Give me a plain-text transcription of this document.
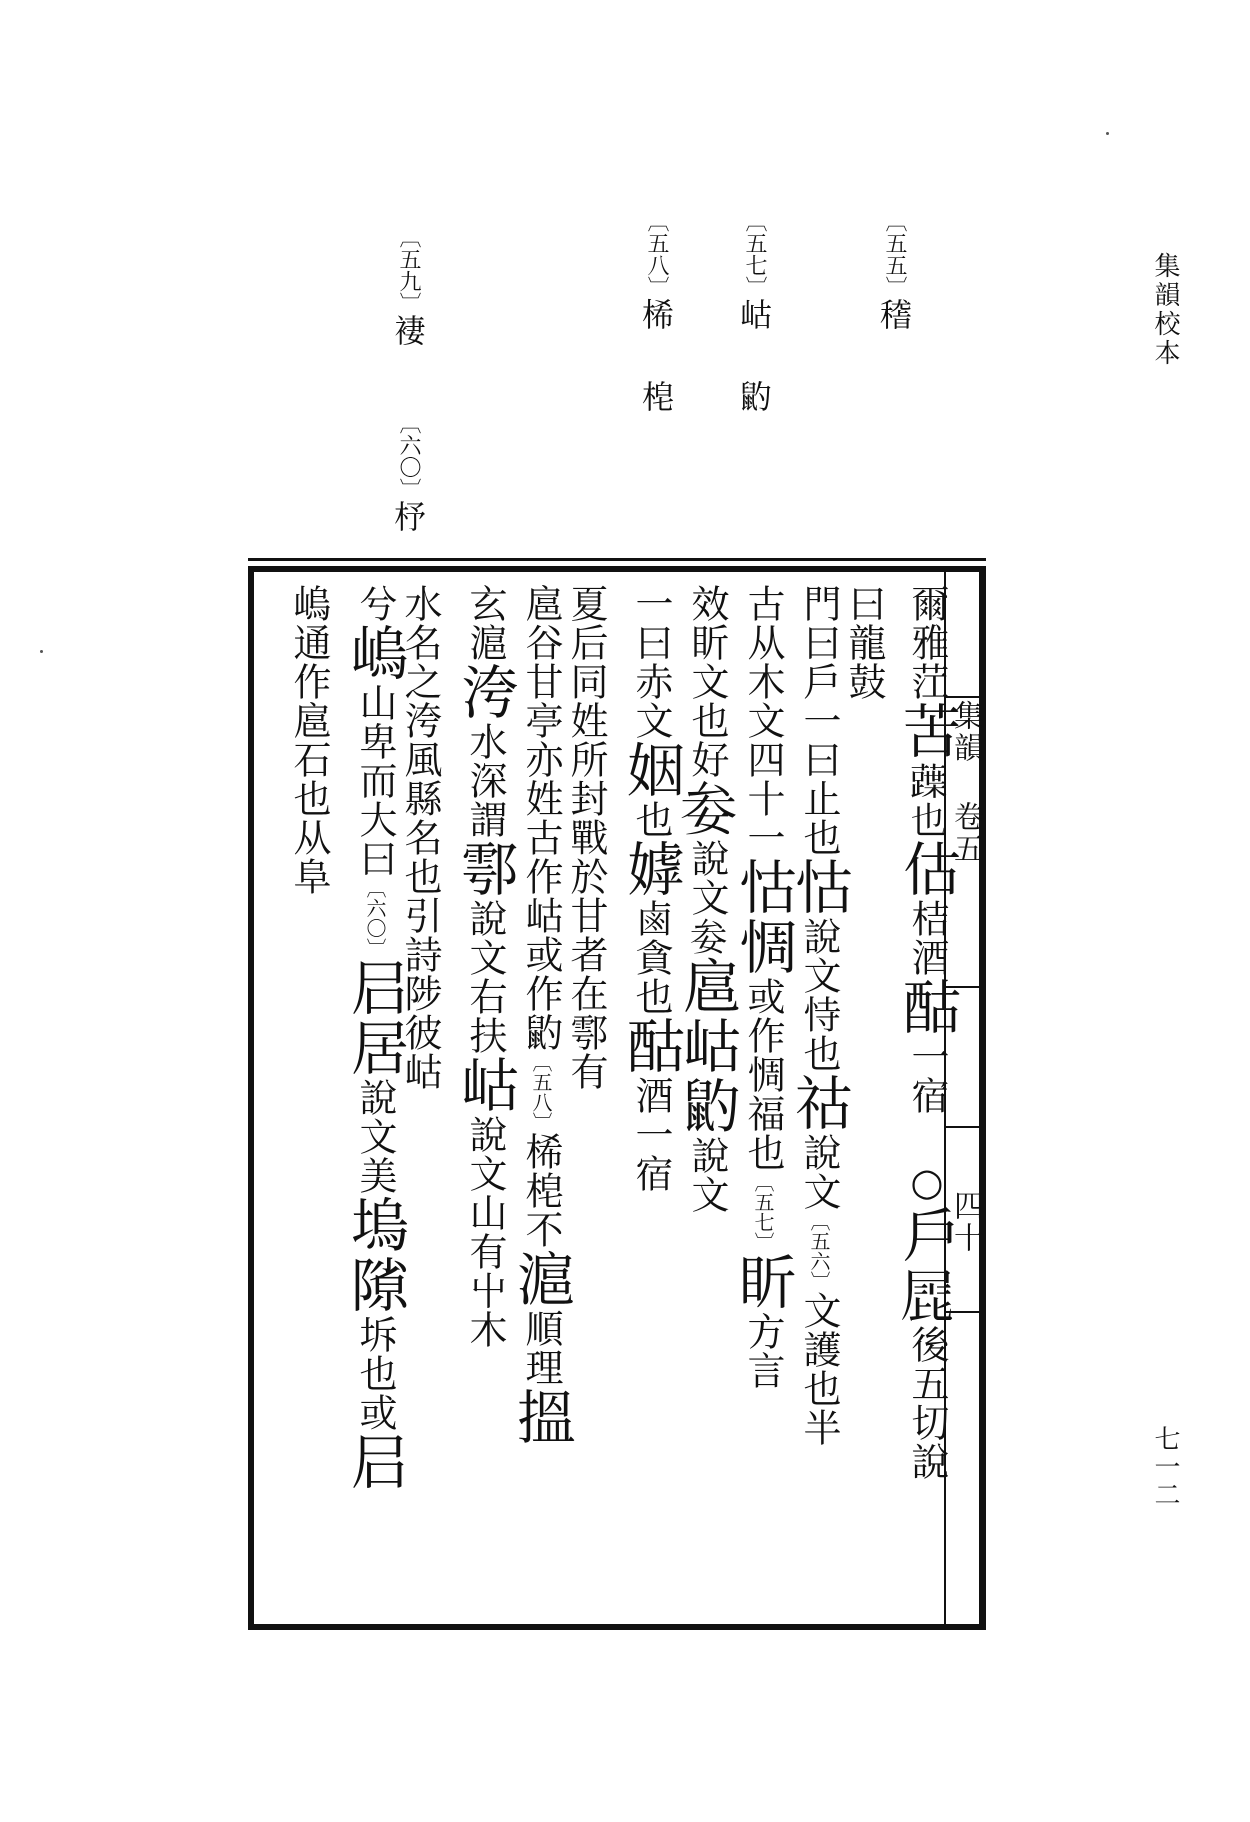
集韻校本
七一二
〔五五〕𥡴
〔五七〕岵 䶂
〔五八〕桸 梍
〔五九〕褄
〔六〇〕杼
集韻 卷五
四十
爾雅茳苦𧀢也估桔酒酤一宿 ○戶𡲩後五切說
曰龍鼓
門曰戶一曰止也怙說文恃也祜說文〔五六〕文護也半
古从木文四十一怙惆或作惆福也〔五七〕盺方言
效盺文也好𡜀說文𡜀扈岵䶂說文
一曰赤文姻也嫭鹵貪也酤酒一宿
夏后同姓所封戰於甘者在鄠有
扈谷甘亭亦姓古作岵或作䶂〔五八〕桸梍不滬順理搵
玄滬洿水深謂鄠說文右扶岵說文山有屮木
水名之洿風縣名也引詩陟彼岵
兮嵨山卑而大曰〔六〇〕𡰪居說文美塢𨻶坼也或𡰪
嵨通作扈石也从阜
